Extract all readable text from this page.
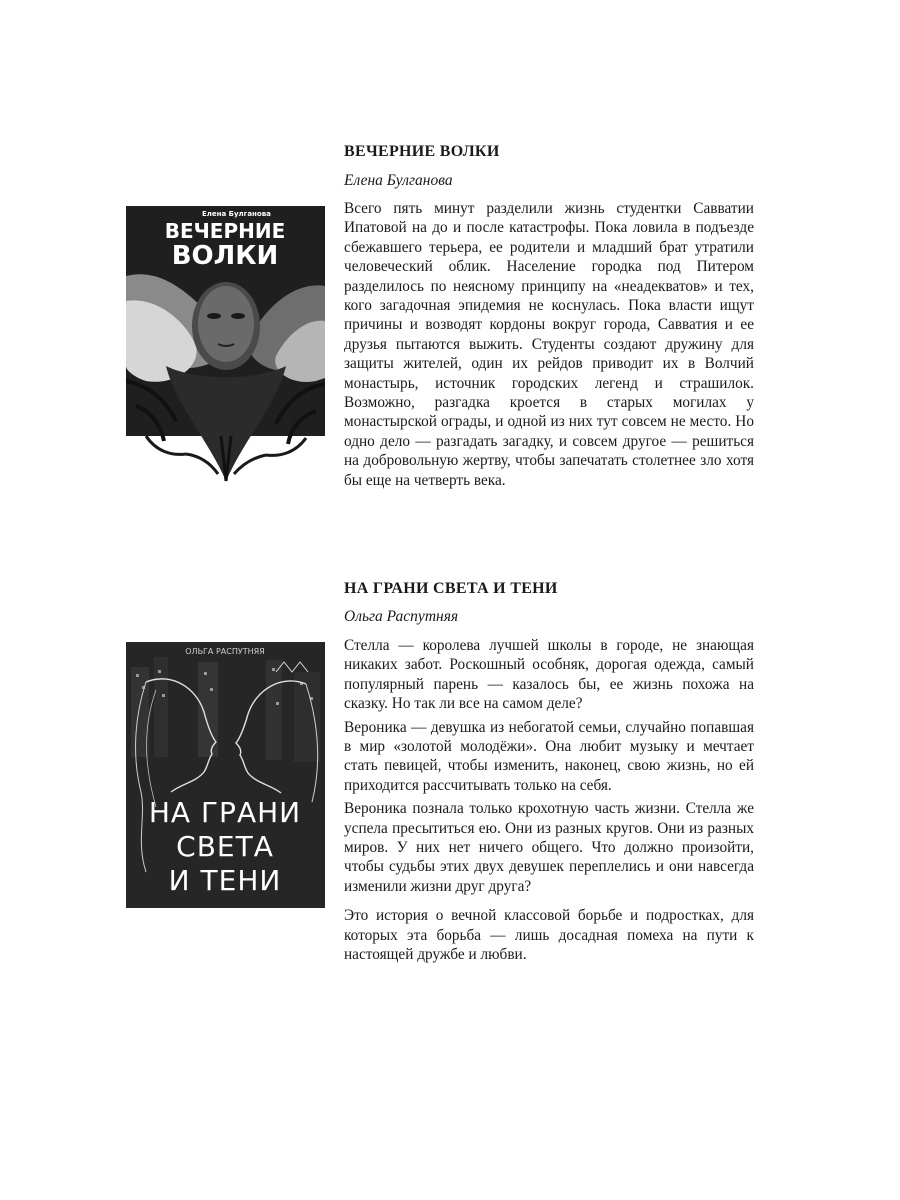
ВЕЧЕРНИЕ ВОЛКИ
Елена Булганова
Елена Булганова
ВЕЧЕРНИЕ
ВОЛКИ

Всего пять минут разделили жизнь студентки Савватии Ипатовой на до и после катастрофы. Пока ловила в подъезде сбежавшего терьера, ее родители и младший брат утратили человеческий облик. Население городка под Питером разделилось по неясному принципу на «неадекватов» и тех, кого загадочная эпидемия не коснулась. Пока власти ищут причины и возводят кордоны вокруг города, Савватия и ее друзья пытаются выжить. Студенты создают дружину для защиты жителей, один их рейдов приводит их в Волчий монастырь, источник городских легенд и страшилок. Возможно, разгадка кроется в старых могилах у монастырской ограды, и одной из них тут совсем не место. Но одно дело — разгадать загадку, и совсем другое — решиться на добровольную жертву, чтобы запечатать столетнее зло хотя бы еще на четверть века.

НА ГРАНИ СВЕТА И ТЕНИ
Ольга Распутняя
ОЛЬГА РАСПУТНЯЯ
НА ГРАНИ
СВЕТА
И ТЕНИ

Стелла — королева лучшей школы в городе, не знающая никаких забот. Роскошный особняк, дорогая одежда, самый популярный парень — казалось бы, ее жизнь похожа на сказку. Но так ли все на самом деле?

Вероника — девушка из небогатой семьи, случайно попавшая в мир «золотой молодёжи». Она любит музыку и мечтает стать певицей, чтобы изменить, наконец, свою жизнь, но ей приходится рассчитывать только на себя.

Вероника познала только крохотную часть жизни. Стелла же успела пресытиться ею. Они из разных кругов. Они из разных миров. У них нет ничего общего. Что должно произойти, чтобы судьбы этих двух девушек переплелись и они навсегда изменили жизни друг друга?

Это история о вечной классовой борьбе и подростках, для которых эта борьба — лишь досадная помеха на пути к настоящей дружбе и любви.
